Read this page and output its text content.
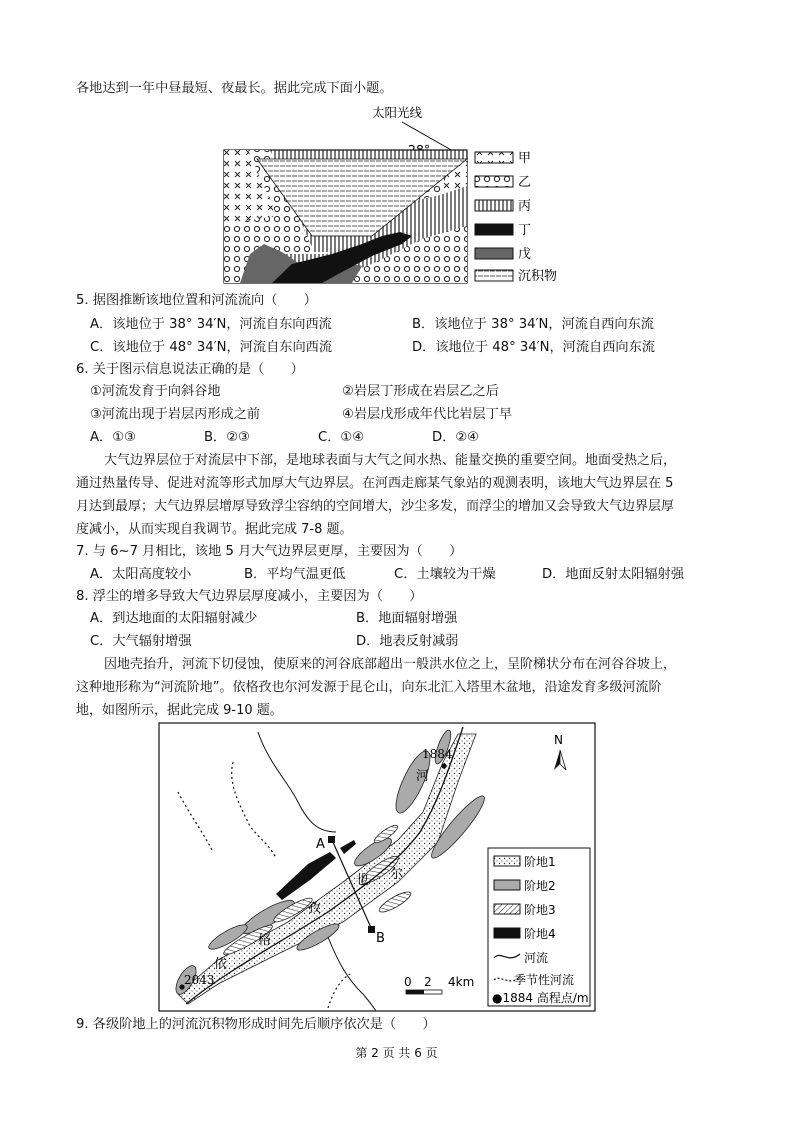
各地达到一年中昼最短、夜最长。据此完成下面小题。
太阳光线
甲
乙
丙
丁
戊
沉积物
5. 据图推断该地位置和河流流向（　　）
A．该地位于 38° 34′N，河流自东向西流	B．该地位于 38° 34′N，河流自西向东流
C．该地位于 48° 34′N，河流自东向西流	D．该地位于 48° 34′N，河流自西向东流
6. 关于图示信息说法正确的是（　　）
①河流发育于向斜谷地	②岩层丁形成在岩层乙之后
③河流出现于岩层丙形成之前	④岩层戊形成年代比岩层丁早
A．①③	B．②③	C．①④	D．②④
大气边界层位于对流层中下部，是地球表面与大气之间水热、能量交换的重要空间。地面受热之后，
通过热量传导、促进对流等形式加厚大气边界层。在河西走廊某气象站的观测表明，该地大气边界层在 5
月达到最厚；大气边界层增厚导致浮尘容纳的空间增大，沙尘多发，而浮尘的增加又会导致大气边界层厚
度减小，从而实现自我调节。据此完成 7-8 题。
7. 与 6~7 月相比，该地 5 月大气边界层更厚，主要因为（　　）
A．太阳高度较小	B．平均气温更低	C．土壤较为干燥	D．地面反射太阳辐射强
8. 浮尘的增多导致大气边界层厚度减小，主要因为（　　）
A．到达地面的太阳辐射减少	B．地面辐射增强
C．大气辐射增强	D．地表反射减弱
因地壳抬升，河流下切侵蚀，使原来的河谷底部超出一般洪水位之上，呈阶梯状分布在河谷谷坡上，
这种地形称为“河流阶地”。依格孜也尔河发源于昆仑山，向东北汇入塔里木盆地，沿途发育多级河流阶
地，如图所示，据此完成 9-10 题。
A
B
河
尔
也
孜
格
依
1884
2043
N
阶地1
阶地2
阶地3
阶地4
河流
季节性河流
●1884 高程点/m
0 2 4km
9. 各级阶地上的河流沉积物形成时间先后顺序依次是（　　）
第 2 页 共 6 页
